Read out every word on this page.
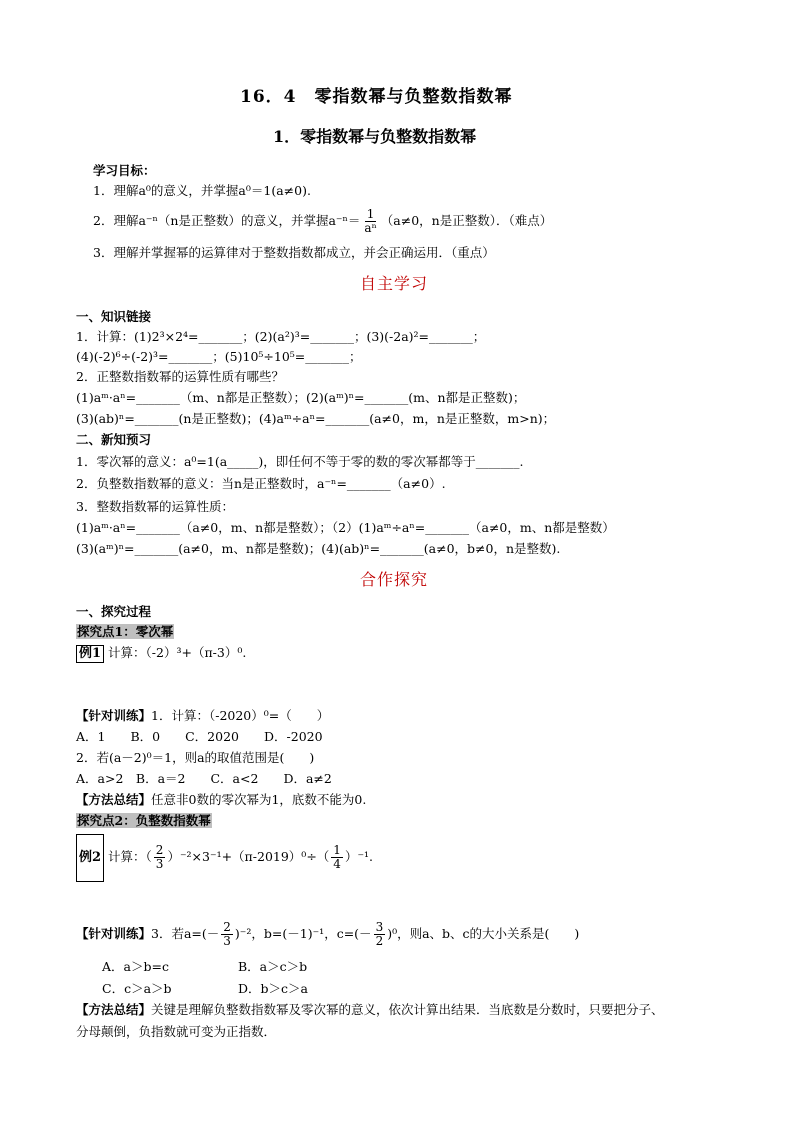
16．4　零指数幂与负整数指数幂
1．零指数幂与负整数指数幂
学习目标：
1．理解a⁰的意义，并掌握a⁰＝1(a≠0).
2．理解a⁻ⁿ（n是正整数）的意义，并掌握$a^{-n}= \frac{1}{\text{aⁿ}} (a\ne 0$，n是正整数）．（难点）
3．理解并掌握幂的运算律对于整数指数都成立，并会正确运用．（重点）
自主学习
一、知识链接
1．计算：(1)2³×2⁴=_______；(2)(a²)³=_______；(3)(-2a)²=_______；
(4)(-2)⁶÷(-2)³=_______；(5)10⁵÷10⁵=_______；
2．正整数指数幂的运算性质有哪些？
(1)aᵐ·aⁿ=_______（m、n都是正整数）；(2)(aᵐ)ⁿ=_______(m、n都是正整数)；
(3)(ab)ⁿ=_______(n是正整数)；(4)aᵐ÷aⁿ=_______(a≠0，m，n是正整数，m>n)；
二、新知预习
1．零次幂的意义：a⁰=1(a_____)，即任何不等于零的数的零次幂都等于_______.
2．负整数指数幂的意义：当n是正整数时，a⁻ⁿ=_______（a≠0）.
3．整数指数幂的运算性质：
(1)aᵐ·aⁿ=_______（a≠0，m、n都是整数）；（2）(1)aᵐ÷aⁿ=_______（a≠0，m、n都是整数）
(3)(aᵐ)ⁿ=_______(a≠0，m、n都是整数)；(4)(ab)ⁿ=_______(a≠0，b≠0，n是整数).
合作探究
一、探究过程
探究点1：零次幂
例1 计算：（-2）³+（π-3）⁰.
【针对训练】1．计算：（-2020）⁰=（　　）
A．1　　B．0　　C．2020　　D．-2020
2．若(a－2)⁰＝1，则a的取值范围是(　　)
A．a>2　B．a＝2　　C．a<2　　D．a≠2
【方法总结】任意非0数的零次幂为1，底数不能为0.
探究点2：负整数指数幂
例2 计算：（ $\frac{2}{3} )^{-2}\times 3^{-1}+(\pi-2019)^0\div( \frac{1}{4} )^{-1}$.
【针对训练】3．若$a=(- \frac{2}{3} )^{-2}$，b=(－1)⁻¹，$c=(- \frac{3}{2} )^0$，则a、b、c的大小关系是(　　)
A．a＞b=c	B．a＞c＞b
C．c＞a＞b	D．b＞c＞a
【方法总结】关键是理解负整数指数幂及零次幂的意义，依次计算出结果．当底数是分数时，只要把分子、
分母颠倒，负指数就可变为正指数．
